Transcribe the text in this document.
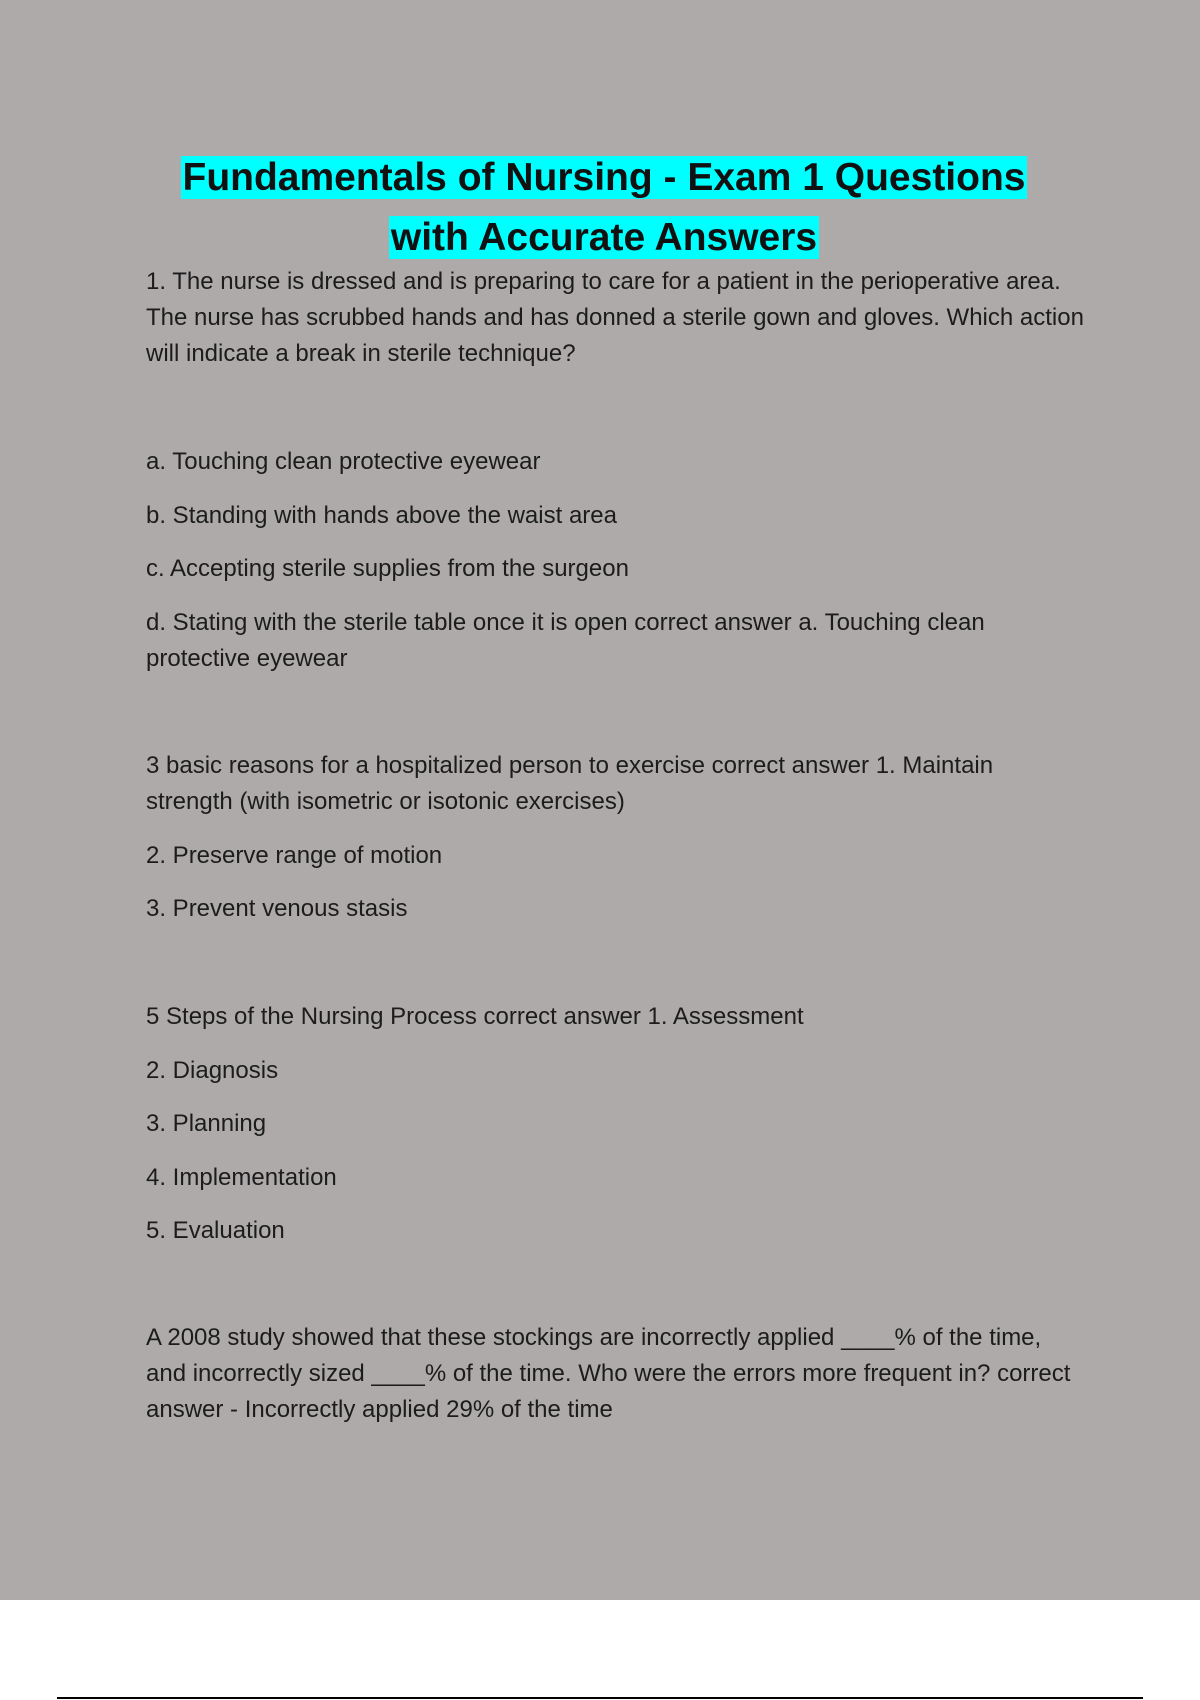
Fundamentals of Nursing - Exam 1 Questions
with Accurate Answers

1. The nurse is dressed and is preparing to care for a patient in the perioperative area. The nurse has scrubbed hands and has donned a sterile gown and gloves. Which action will indicate a break in sterile technique?

a. Touching clean protective eyewear

b. Standing with hands above the waist area

c. Accepting sterile supplies from the surgeon

d. Stating with the sterile table once it is open correct answer a. Touching clean protective eyewear

3 basic reasons for a hospitalized person to exercise correct answer 1. Maintain strength (with isometric or isotonic exercises)

2. Preserve range of motion

3. Prevent venous stasis

5 Steps of the Nursing Process correct answer 1. Assessment

2. Diagnosis

3. Planning

4. Implementation

5. Evaluation

A 2008 study showed that these stockings are incorrectly applied ____% of the time, and incorrectly sized ____% of the time. Who were the errors more frequent in? correct answer - Incorrectly applied 29% of the time
